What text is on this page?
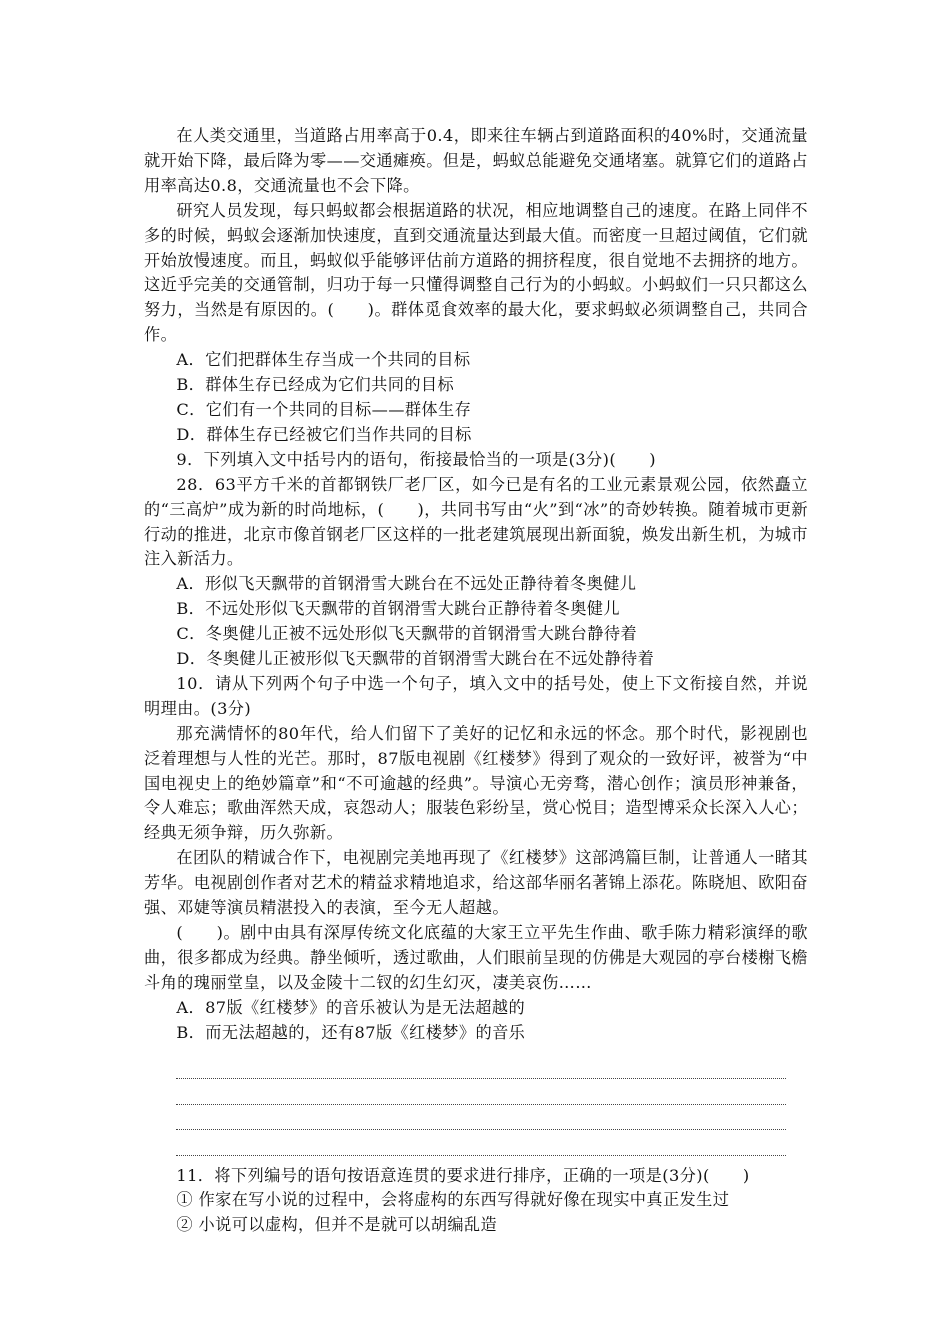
在人类交通里，当道路占用率高于0.4，即来往车辆占到道路面积的40%时，交通流量就开始下降，最后降为零——交通瘫痪。但是，蚂蚁总能避免交通堵塞。就算它们的道路占用率高达0.8，交通流量也不会下降。

研究人员发现，每只蚂蚁都会根据道路的状况，相应地调整自己的速度。在路上同伴不多的时候，蚂蚁会逐渐加快速度，直到交通流量达到最大值。而密度一旦超过阈值，它们就开始放慢速度。而且，蚂蚁似乎能够评估前方道路的拥挤程度，很自觉地不去拥挤的地方。这近乎完美的交通管制，归功于每一只懂得调整自己行为的小蚂蚁。小蚂蚁们一只只都这么努力，当然是有原因的。(　　)。群体觅食效率的最大化，要求蚂蚁必须调整自己，共同合作。

A．它们把群体生存当成一个共同的目标

B．群体生存已经成为它们共同的目标

C．它们有一个共同的目标——群体生存

D．群体生存已经被它们当作共同的目标

9．下列填入文中括号内的语句，衔接最恰当的一项是(3分)(　　)

28．63平方千米的首都钢铁厂老厂区，如今已是有名的工业元素景观公园，依然矗立的“三高炉”成为新的时尚地标，(　　)，共同书写由“火”到“冰”的奇妙转换。随着城市更新行动的推进，北京市像首钢老厂区这样的一批老建筑展现出新面貌，焕发出新生机，为城市注入新活力。

A．形似飞天飘带的首钢滑雪大跳台在不远处正静待着冬奥健儿

B．不远处形似飞天飘带的首钢滑雪大跳台正静待着冬奥健儿

C．冬奥健儿正被不远处形似飞天飘带的首钢滑雪大跳台静待着

D．冬奥健儿正被形似飞天飘带的首钢滑雪大跳台在不远处静待着

10．请从下列两个句子中选一个句子，填入文中的括号处，使上下文衔接自然，并说明理由。(3分)

那充满情怀的80年代，给人们留下了美好的记忆和永远的怀念。那个时代，影视剧也泛着理想与人性的光芒。那时，87版电视剧《红楼梦》得到了观众的一致好评，被誉为“中国电视史上的绝妙篇章”和“不可逾越的经典”。导演心无旁骛，潜心创作；演员形神兼备，令人难忘；歌曲浑然天成，哀怨动人；服装色彩纷呈，赏心悦目；造型博采众长深入人心；经典无须争辩，历久弥新。

在团队的精诚合作下，电视剧完美地再现了《红楼梦》这部鸿篇巨制，让普通人一睹其芳华。电视剧创作者对艺术的精益求精地追求，给这部华丽名著锦上添花。陈晓旭、欧阳奋强、邓婕等演员精湛投入的表演，至今无人超越。

(　　)。剧中由具有深厚传统文化底蕴的大家王立平先生作曲、歌手陈力精彩演绎的歌曲，很多都成为经典。静坐倾听，透过歌曲，人们眼前呈现的仿佛是大观园的亭台楼榭飞檐斗角的瑰丽堂皇，以及金陵十二钗的幻生幻灭，凄美哀伤……

A．87版《红楼梦》的音乐被认为是无法超越的

B．而无法超越的，还有87版《红楼梦》的音乐

11．将下列编号的语句按语意连贯的要求进行排序，正确的一项是(3分)(　　)

① 作家在写小说的过程中，会将虚构的东西写得就好像在现实中真正发生过

② 小说可以虚构，但并不是就可以胡编乱造
